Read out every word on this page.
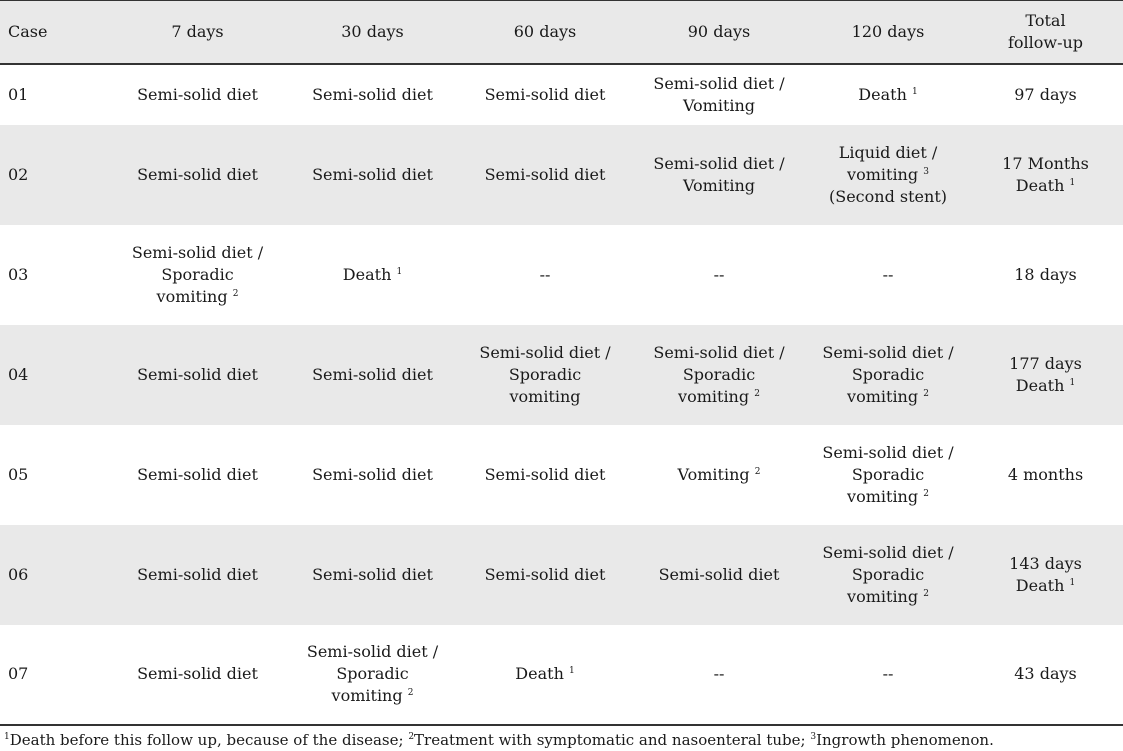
Case	7 days	30 days	60 days	90 days	120 days	Total
follow-up

01	Semi-solid diet	Semi-solid diet	Semi-solid diet	Semi-solid diet /
Vomiting	Death $^1$	97 days

02	Semi-solid diet	Semi-solid diet	Semi-solid diet	Semi-solid diet /
Vomiting	Liquid diet /
vomiting $^3$
(Second stent)	17 Months
Death $^1$

03	Semi-solid diet /
Sporadic
vomiting $^2$	Death $^1$	--	--	--	18 days

04	Semi-solid diet	Semi-solid diet	Semi-solid diet /
Sporadic
vomiting	Semi-solid diet /
Sporadic
vomiting $^2$	Semi-solid diet /
Sporadic
vomiting $^2$	177 days
Death $^1$

05	Semi-solid diet	Semi-solid diet	Semi-solid diet	Vomiting $^2$	Semi-solid diet /
Sporadic
vomiting $^2$	4 months

06	Semi-solid diet	Semi-solid diet	Semi-solid diet	Semi-solid diet	Semi-solid diet /
Sporadic
vomiting $^2$	143 days
Death $^1$

07	Semi-solid diet	Semi-solid diet /
Sporadic
vomiting $^2$	Death $^1$	--	--	43 days
$^1$Death before this follow up, because of the disease; $^2$Treatment with symptomatic and nasoenteral tube; $^3$Ingrowth phenomenon.
